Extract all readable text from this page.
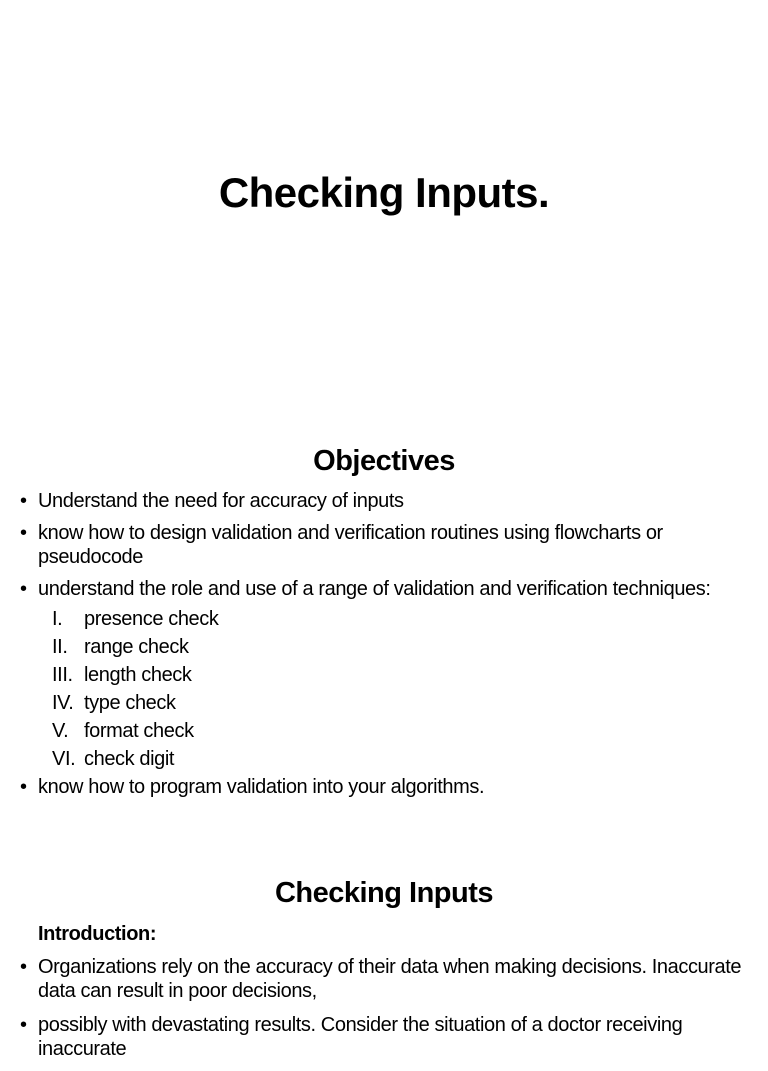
Checking Inputs.
Objectives
• Understand the need for accuracy of inputs
• know how to design validation and verification routines using flowcharts or pseudocode
• understand the role and use of a range of validation and verification techniques:
I. presence check
II. range check
III. length check
IV. type check
V. format check
VI. check digit
• know how to program validation into your algorithms.
Checking Inputs

Introduction:

• Organizations rely on the accuracy of their data when making decisions. Inaccurate data can result in poor decisions,
• possibly with devastating results. Consider the situation of a doctor receiving inaccurate
